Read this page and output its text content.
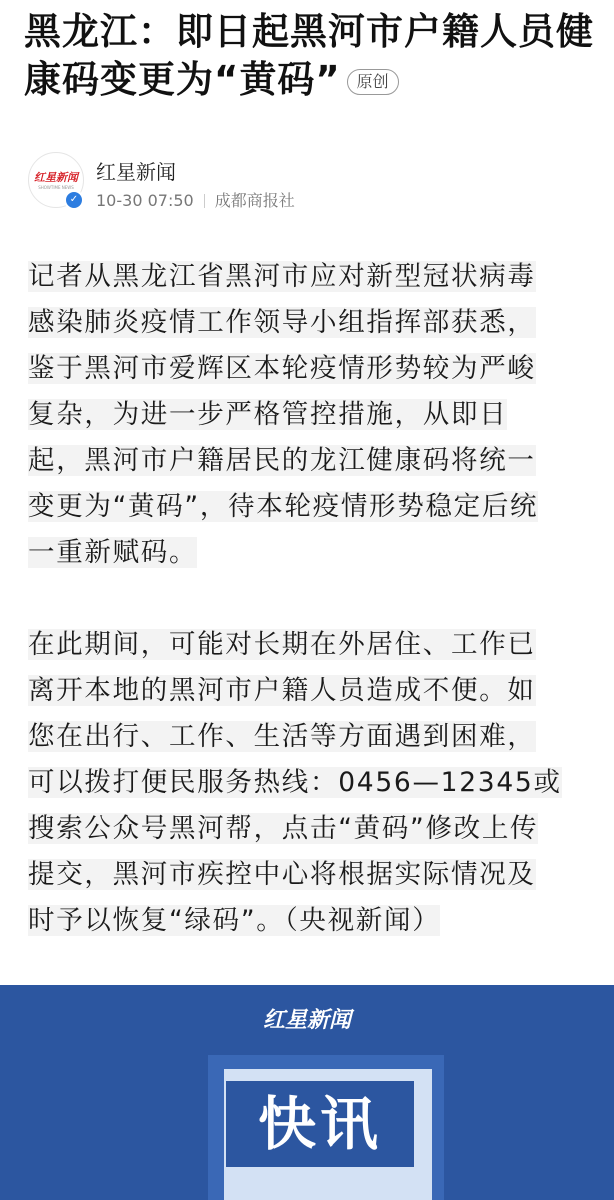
黑龙江：即日起黑河市户籍人员健康码变更为“黄码” 原创
红星新闻
SHOWTIME NEWS
✓
红星新闻
10-30 07:50 成都商报社
记者从黑龙江省黑河市应对新型冠状病毒
感染肺炎疫情工作领导小组指挥部获悉，
鉴于黑河市爱辉区本轮疫情形势较为严峻
复杂，为进一步严格管控措施，从即日
起，黑河市户籍居民的龙江健康码将统一
变更为“黄码”，待本轮疫情形势稳定后统
一重新赋码。
在此期间，可能对长期在外居住、工作已
离开本地的黑河市户籍人员造成不便。如
您在出行、工作、生活等方面遇到困难，
可以拨打便民服务热线：0456—12345或
搜索公众号黑河帮，点击“黄码”修改上传
提交，黑河市疾控中心将根据实际情况及
时予以恢复“绿码”。（央视新闻）
红星新闻
快讯
